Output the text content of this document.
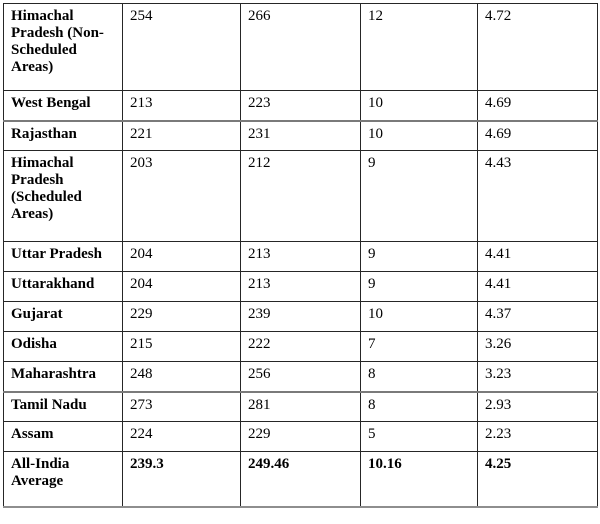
Himachal Pradesh (Non-Scheduled Areas)	254	266	12	4.72
West Bengal	213	223	10	4.69
Rajasthan	221	231	10	4.69
Himachal Pradesh (Scheduled Areas)	203	212	9	4.43
Uttar Pradesh	204	213	9	4.41
Uttarakhand	204	213	9	4.41
Gujarat	229	239	10	4.37
Odisha	215	222	7	3.26
Maharashtra	248	256	8	3.23
Tamil Nadu	273	281	8	2.93
Assam	224	229	5	2.23
All-India Average	239.3	249.46	10.16	4.25
